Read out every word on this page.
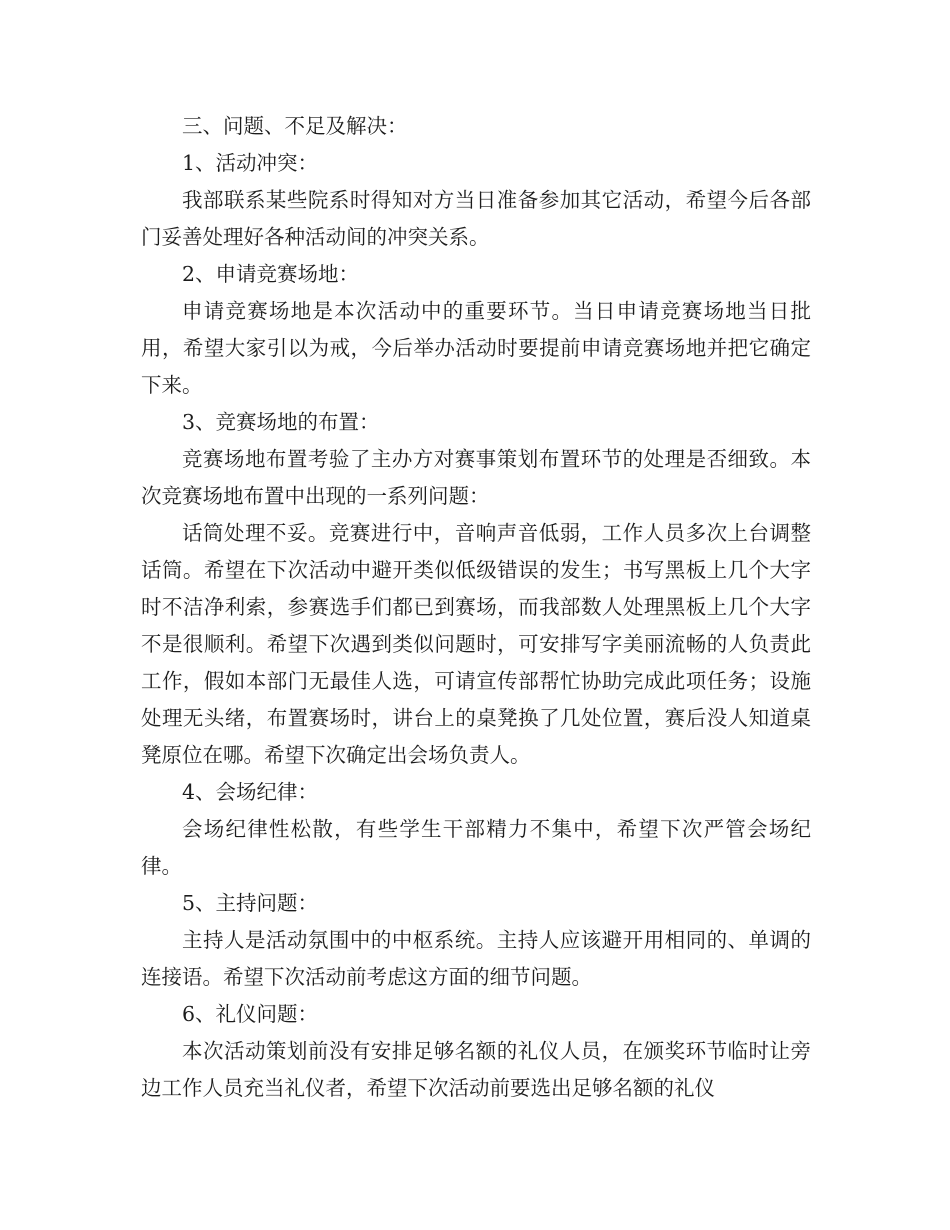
三、问题、不足及解决：

1、活动冲突：

我部联系某些院系时得知对方当日准备参加其它活动，希望今后各部门妥善处理好各种活动间的冲突关系。

2、申请竞赛场地：

申请竞赛场地是本次活动中的重要环节。当日申请竞赛场地当日批用，希望大家引以为戒，今后举办活动时要提前申请竞赛场地并把它确定下来。

3、竞赛场地的布置：

竞赛场地布置考验了主办方对赛事策划布置环节的处理是否细致。本次竞赛场地布置中出现的一系列问题：

话筒处理不妥。竞赛进行中，音响声音低弱，工作人员多次上台调整话筒。希望在下次活动中避开类似低级错误的发生；书写黑板上几个大字时不洁净利索，参赛选手们都已到赛场，而我部数人处理黑板上几个大字不是很顺利。希望下次遇到类似问题时，可安排写字美丽流畅的人负责此工作，假如本部门无最佳人选，可请宣传部帮忙协助完成此项任务；设施处理无头绪，布置赛场时，讲台上的桌凳换了几处位置，赛后没人知道桌凳原位在哪。希望下次确定出会场负责人。

4、会场纪律：

会场纪律性松散，有些学生干部精力不集中，希望下次严管会场纪律。

5、主持问题：

主持人是活动氛围中的中枢系统。主持人应该避开用相同的、单调的连接语。希望下次活动前考虑这方面的细节问题。

6、礼仪问题：

本次活动策划前没有安排足够名额的礼仪人员，在颁奖环节临时让旁边工作人员充当礼仪者，希望下次活动前要选出足够名额的礼仪
